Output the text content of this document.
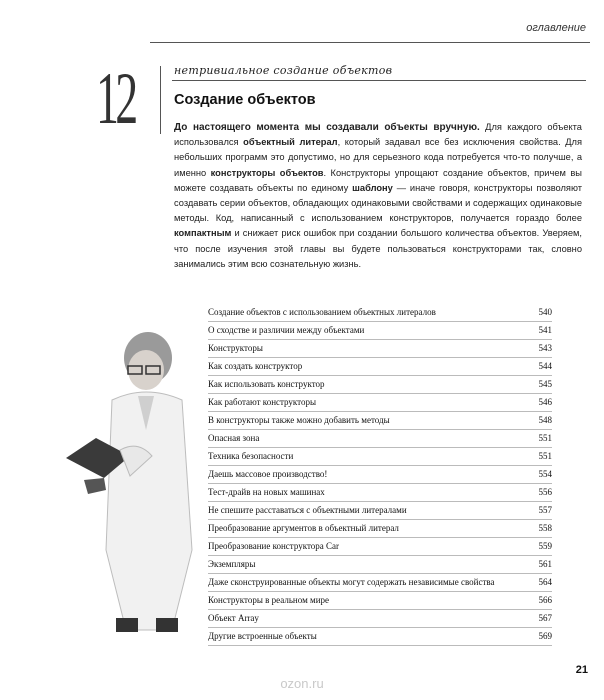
оглавление
12	нетривиальное создание объектов
Создание объектов
До настоящего момента мы создавали объекты вручную. Для каждого объекта использовался объектный литерал, который задавал все без исключения свойства. Для небольших программ это допустимо, но для серьезного кода потребуется что-то получше, а именно конструкторы объектов. Конструкторы упрощают создание объектов, причем вы можете создавать объекты по единому шаблону — иначе говоря, конструкторы позволяют создавать серии объектов, обладающих одинаковыми свойствами и содержащих одинаковые методы. Код, написанный с использованием конструкторов, получается гораздо более компактным и снижает риск ошибок при создании большого количества объектов. Уверяем, что после изучения этой главы вы будете пользоваться конструкторами так, словно занимались этим всю сознательную жизнь.
Создание объектов с использованием объектных литералов	540
О сходстве и различии между объектами	541
Конструкторы	543
Как создать конструктор	544
Как использовать конструктор	545
Как работают конструкторы	546
В конструкторы также можно добавить методы	548
Опасная зона	551
Техника безопасности	551
Даешь массовое производство!	554
Тест-драйв на новых машинах	556
Не спешите расставаться с объектными литералами	557
Преобразование аргументов в объектный литерал	558
Преобразование конструктора Car	559
Экземпляры	561
Даже сконструированные объекты могут содержать независимые свойства	564
Конструкторы в реальном мире	566
Объект Array	567
Другие встроенные объекты	569
21
ozon.ru
